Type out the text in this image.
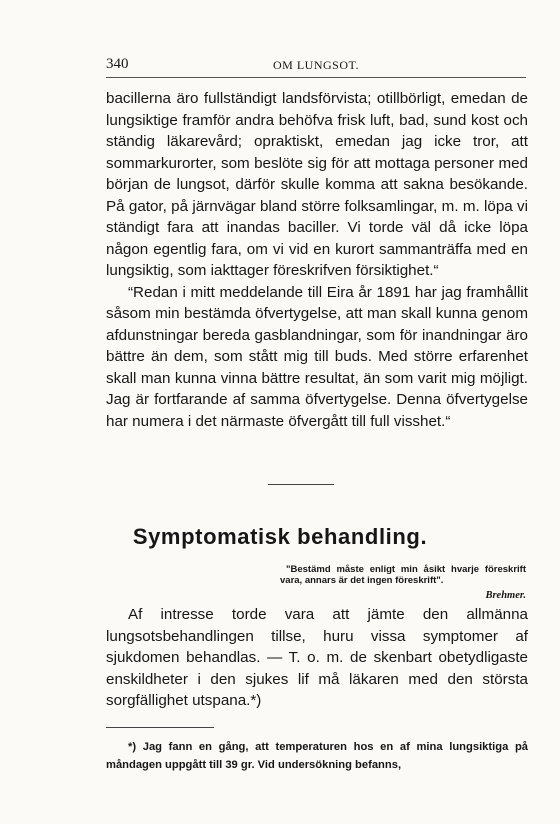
340	OM LUNGSOT.

bacillerna äro fullständigt landsförvista; otillbörligt, emedan de lungsiktige framför andra behöfva frisk luft, bad, sund kost och ständig läkarevård; opraktiskt, emedan jag icke tror, att sommarkurorter, som beslöte sig för att mottaga personer med början de lungsot, därför skulle komma att sakna besökande. På gator, på järnvägar bland större folksamlingar, m. m. löpa vi ständigt fara att inandas baciller. Vi torde väl då icke löpa någon egentlig fara, om vi vid en kurort sammanträffa med en lungsiktig, som iakttager föreskrifven försiktighet.“

“Redan i mitt meddelande till Eira år 1891 har jag framhållit såsom min bestämda öfvertygelse, att man skall kunna genom afdunstningar bereda gasblandningar, som för inandningar äro bättre än dem, som stått mig till buds. Med större erfarenhet skall man kunna vinna bättre resultat, än som varit mig möjligt. Jag är fortfarande af samma öfvertygelse. Denna öfvertygelse har numera i det närmaste öfvergått till full visshet.“

Symptomatisk behandling.
"Bestämd måste enligt min åsikt hvarje föreskrift vara, annars är det ingen föreskrift".
Brehmer.

Af intresse torde vara att jämte den allmänna lungsotsbehandlingen tillse, huru vissa symptomer af sjukdomen behandlas. — T. o. m. de skenbart obetydligaste enskildheter i den sjukes lif må läkaren med den största sorgfällighet utspana.*)

*) Jag fann en gång, att temperaturen hos en af mina lungsiktiga på måndagen uppgått till 39 gr. Vid undersökning befanns,
